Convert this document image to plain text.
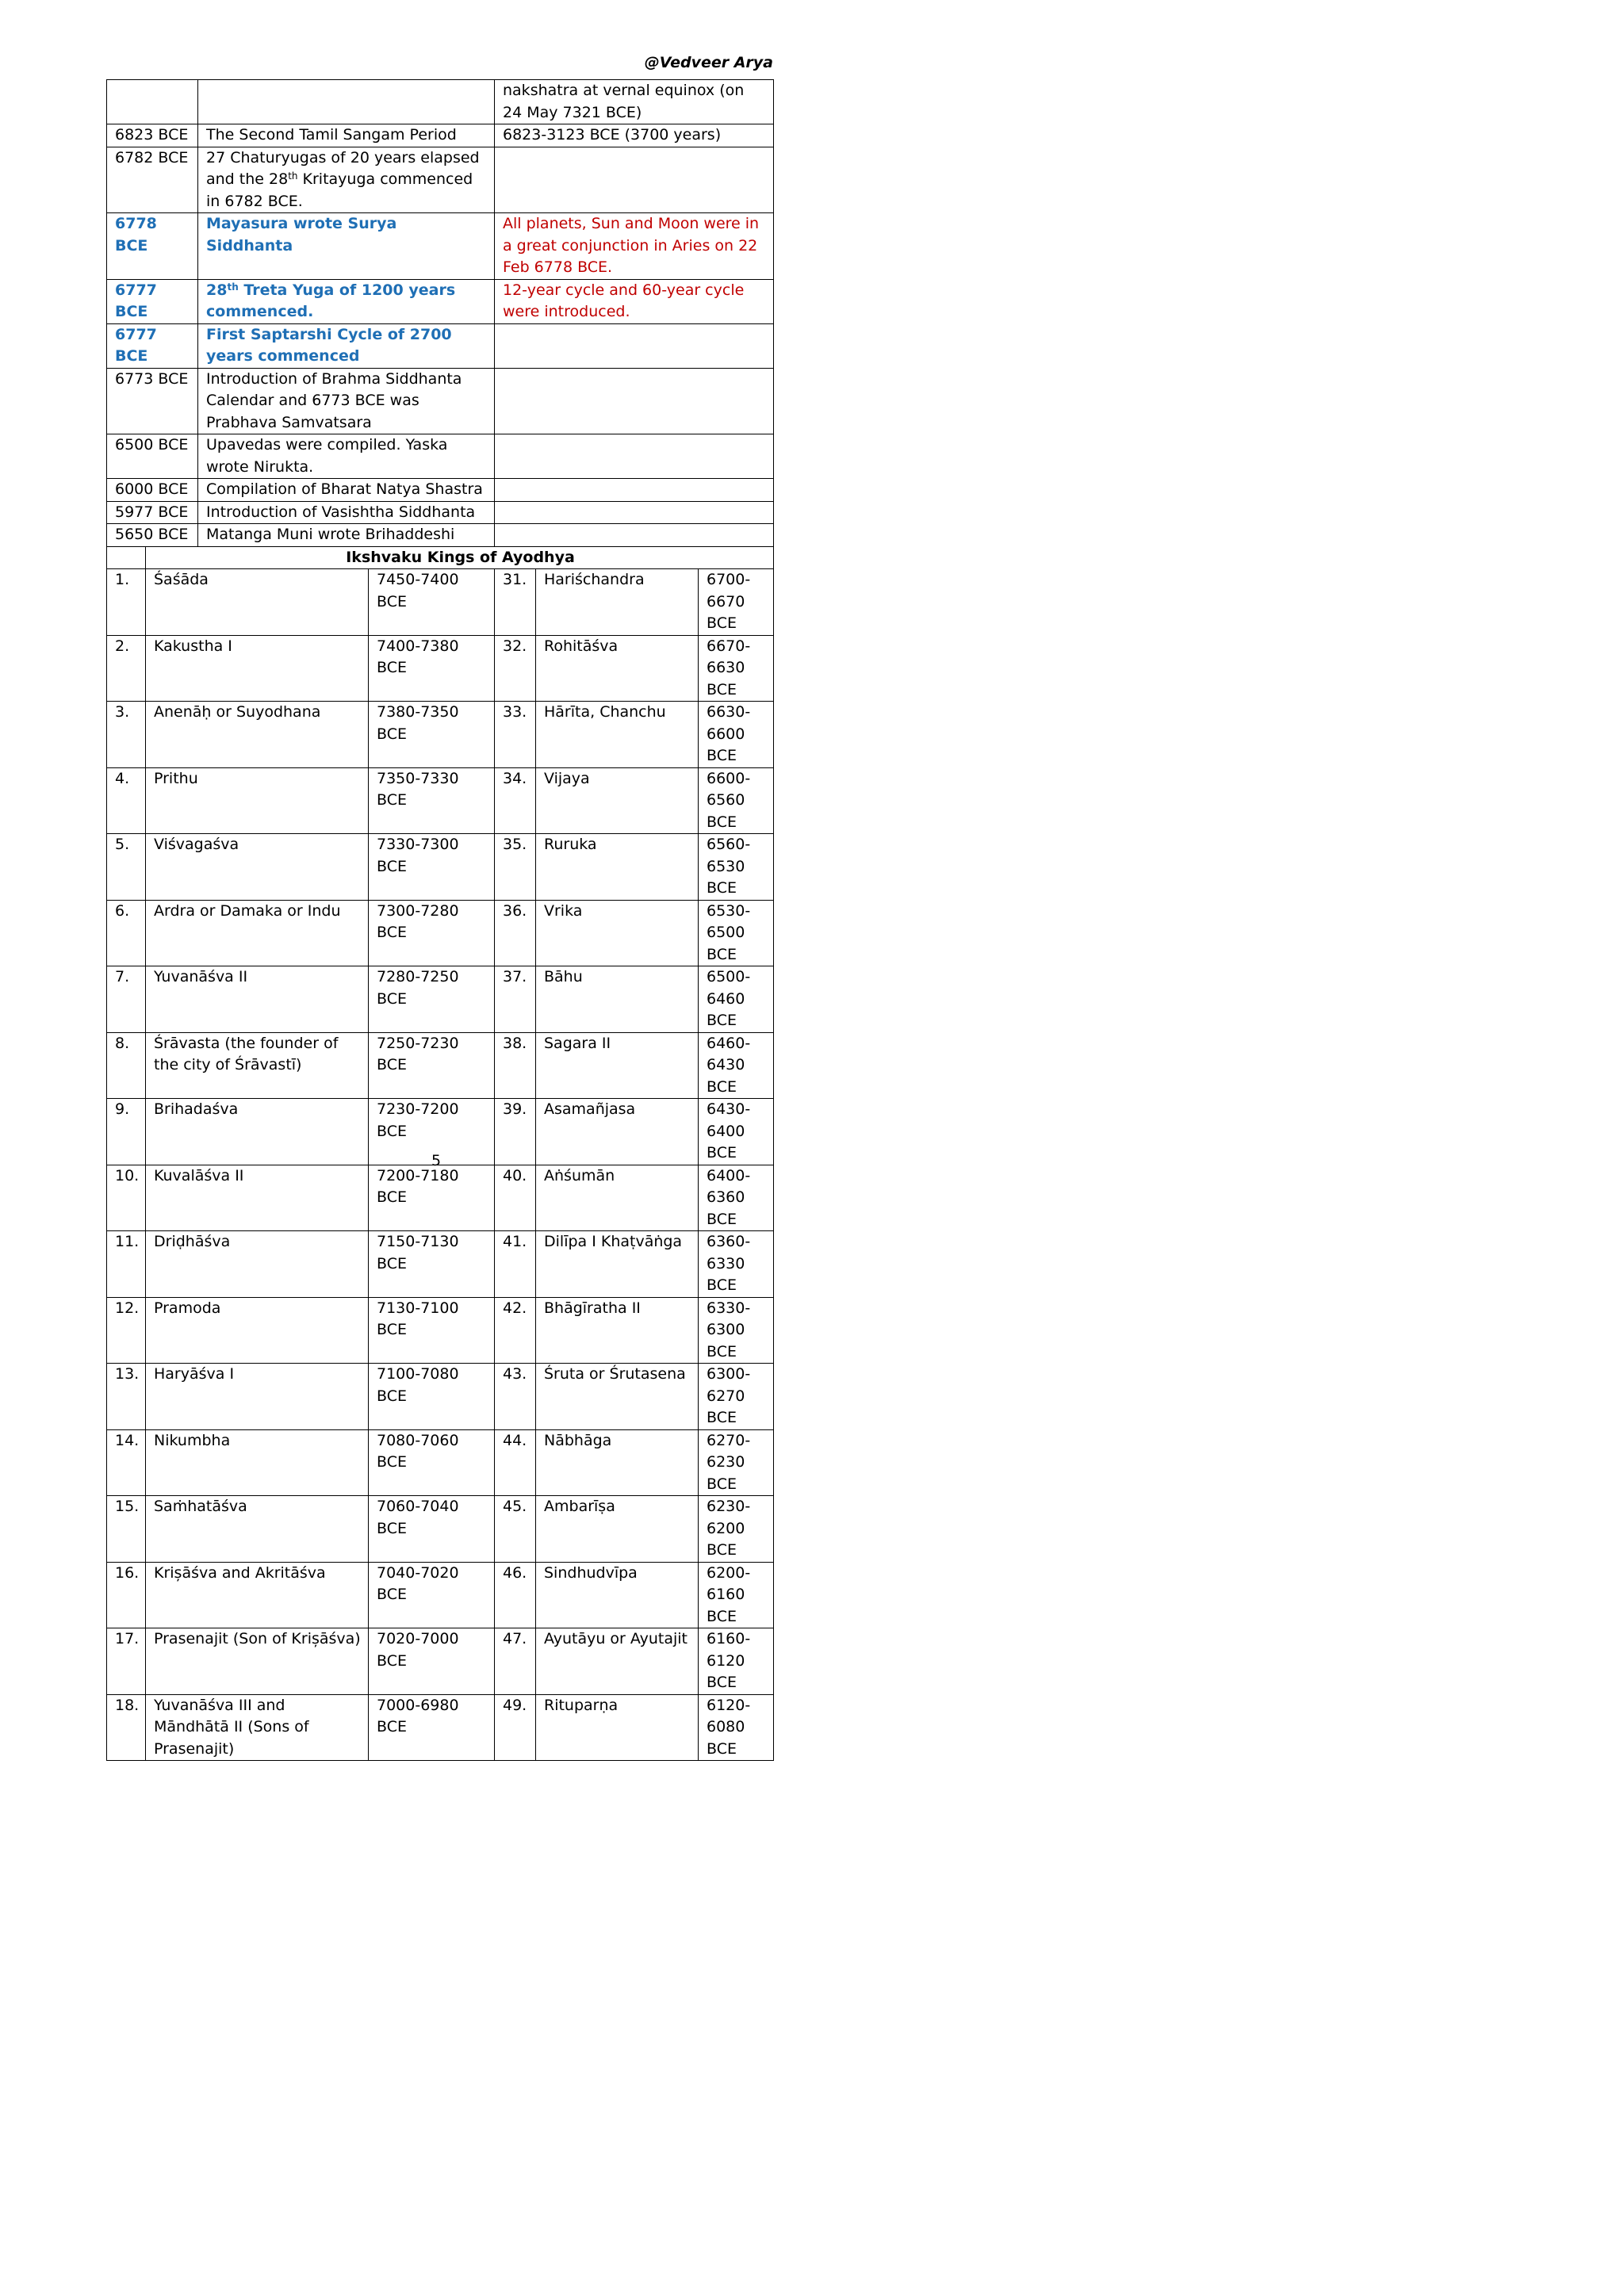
@Vedveer Arya
				nakshatra at vernal equinox (on 24 May 7321 BCE)		
6823 BCE		The Second Tamil Sangam Period		6823-3123 BCE (3700 years)		
6782 BCE		27 Chaturyugas of 20 years elapsed and the 28th Kritayuga commenced in 6782 BCE.				
6778 BCE		Mayasura wrote Surya Siddhanta		All planets, Sun and Moon were in a great conjunction in Aries on 22 Feb 6778 BCE.		
6777 BCE		28th Treta Yuga of 1200 years commenced.		12-year cycle and 60-year cycle were introduced.		
6777 BCE		First Saptarshi Cycle of 2700 years commenced				
6773 BCE		Introduction of Brahma Siddhanta Calendar and 6773 BCE was Prabhava Samvatsara				
6500 BCE		Upavedas were compiled. Yaska wrote Nirukta.				
6000 BCE		Compilation of Bharat Natya Shastra				
5977 BCE		Introduction of Vasishtha Siddhanta				
5650 BCE		Matanga Muni wrote Brihaddeshi				
	Ikshvaku Kings of Ayodhya					
1.	Śaśāda		7450-7400 BCE	31.	Hariśchandra	6700-6670 BCE
2.	Kakustha I		7400-7380 BCE	32.	Rohitāśva	6670-6630 BCE
3.	Anenāḥ or Suyodhana		7380-7350 BCE	33.	Hārīta, Chanchu	6630-6600 BCE
4.	Prithu		7350-7330 BCE	34.	Vijaya	6600-6560 BCE
5.	Viśvagaśva		7330-7300 BCE	35.	Ruruka	6560-6530 BCE
6.	Ardra or Damaka or Indu		7300-7280 BCE	36.	Vrika	6530-6500 BCE
7.	Yuvanāśva II		7280-7250 BCE	37.	Bāhu	6500-6460 BCE
8.	Śrāvasta (the founder of the city of Śrāvastī)		7250-7230 BCE	38.	Sagara II	6460-6430 BCE
9.	Brihadaśva		7230-7200 BCE	39.	Asamañjasa	6430-6400 BCE
10.	Kuvalāśva II		7200-7180 BCE	40.	Aṅśumān	6400-6360 BCE
11.	Driḍhāśva		7150-7130 BCE	41.	Dilīpa I Khaṭvāṅga	6360-6330 BCE
12.	Pramoda		7130-7100 BCE	42.	Bhāgīratha II	6330-6300 BCE
13.	Haryāśva I		7100-7080 BCE	43.	Śruta or Śrutasena	6300-6270 BCE
14.	Nikumbha		7080-7060 BCE	44.	Nābhāga	6270-6230 BCE
15.	Saṁhatāśva		7060-7040 BCE	45.	Ambarīṣa	6230-6200 BCE
16.	Krișāśva and Akritāśva		7040-7020 BCE	46.	Sindhudvīpa	6200-6160 BCE
17.	Prasenajit (Son of Krișāśva)		7020-7000 BCE	47.	Ayutāyu or Ayutajit	6160-6120 BCE
18.	Yuvanāśva III and Māndhātā II (Sons of Prasenajit)		7000-6980 BCE	49.	Rituparṇa	6120-6080 BCE
5
